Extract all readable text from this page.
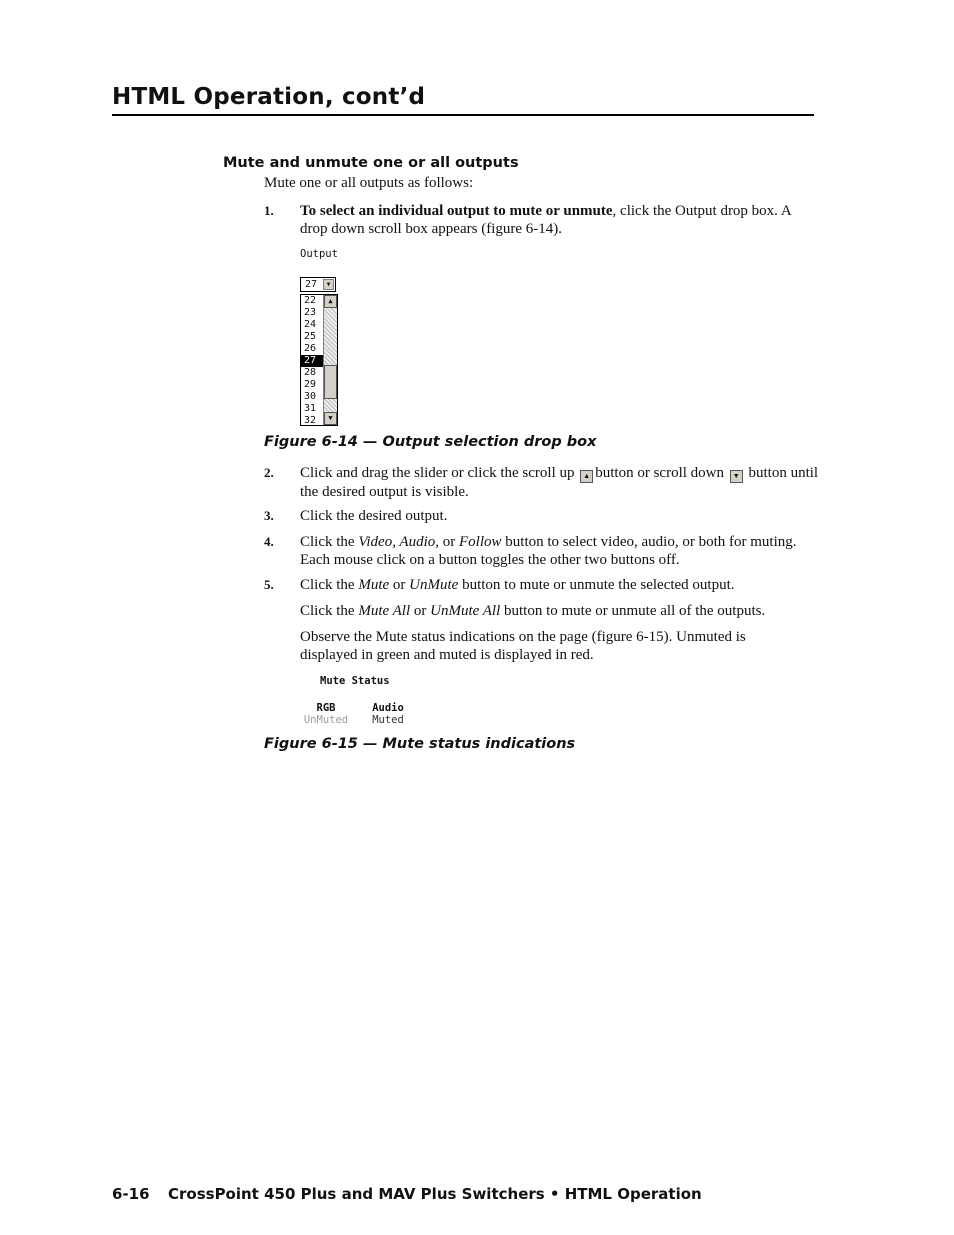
HTML Operation, cont’d
Mute and unmute one or all outputs
Mute one or all outputs as follows:
1. To select an individual output to mute or unmute, click the Output drop box. A drop down scroll box appears (figure 6-14).
Output
27	▼
22
23
24
25
26
27
28
29
30
31
32
▲
▼
Figure 6-14 — Output selection drop box
2. Click and drag the slider or click the scroll up ▲ button or scroll down ▼ button until the desired output is visible.
3. Click the desired output.
4. Click the Video, Audio, or Follow button to select video, audio, or both for muting. Each mouse click on a button toggles the other two buttons off.
5. Click the Mute or UnMute button to mute or unmute the selected output.
Click the Mute All or UnMute All button to mute or unmute all of the outputs.
Observe the Mute status indications on the page (figure 6-15). Unmuted is displayed in green and muted is displayed in red.
Mute Status
RGB
UnMuted
Audio
Muted
Figure 6-15 — Mute status indications
6-16 CrossPoint 450 Plus and MAV Plus Switchers • HTML Operation
